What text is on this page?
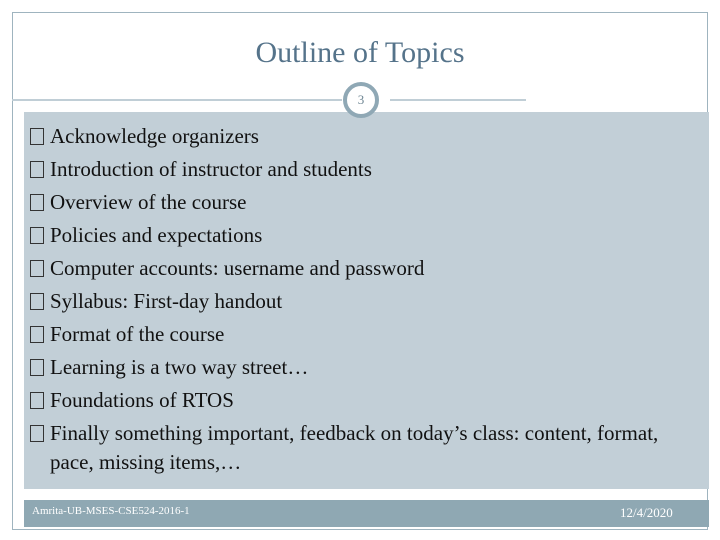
Outline of Topics
3
Acknowledge organizers
Introduction of instructor and students
Overview of the course
Policies and expectations
Computer accounts: username and password
Syllabus: First-day handout
Format of the course
Learning is a two way street…
Foundations of RTOS
Finally something important, feedback on today’s class: content, format, pace, missing items,…
Amrita-UB-MSES-CSE524-2016-1	12/4/2020
